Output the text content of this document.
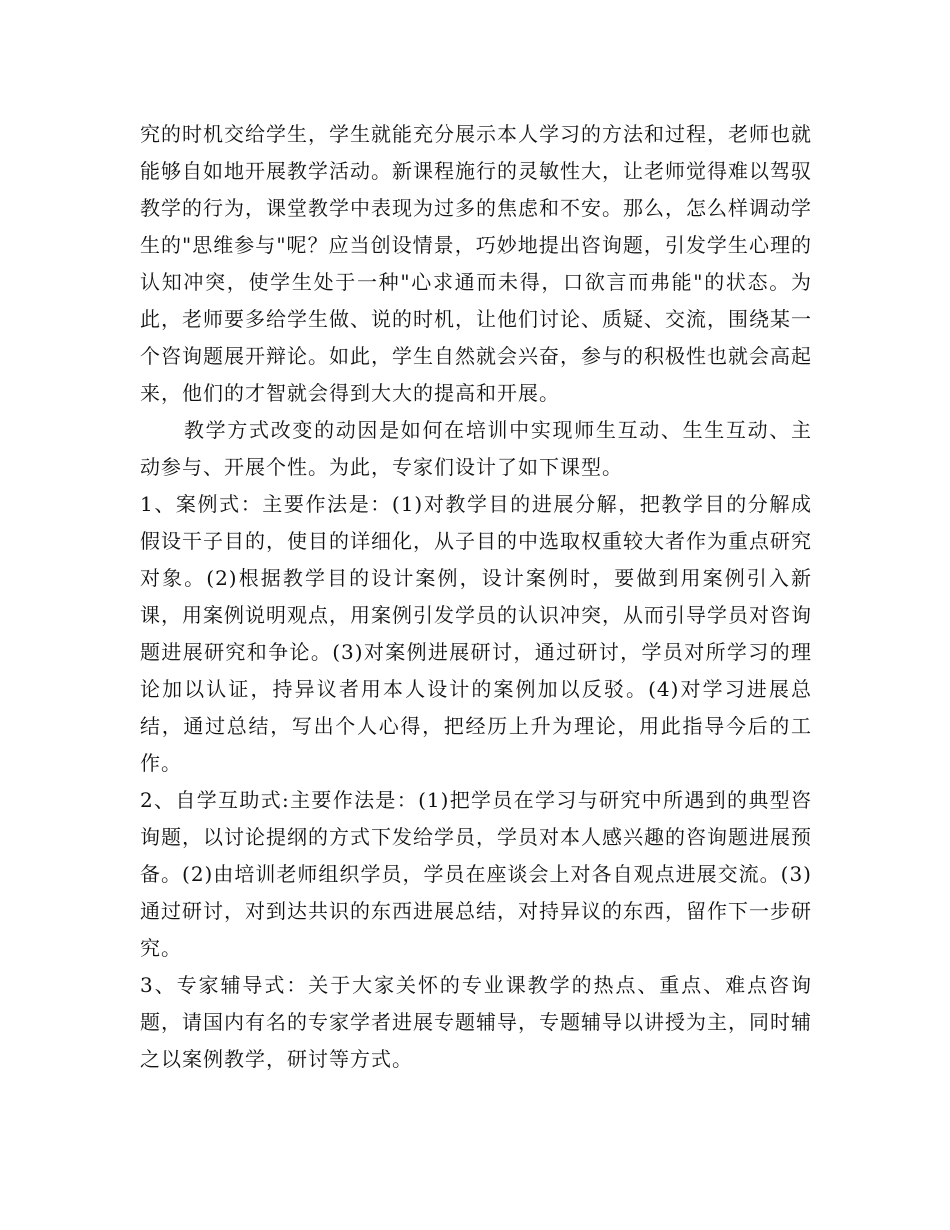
究的时机交给学生，学生就能充分展示本人学习的方法和过程，老师也就能够自如地开展教学活动。新课程施行的灵敏性大，让老师觉得难以驾驭教学的行为，课堂教学中表现为过多的焦虑和不安。那么，怎么样调动学生的"思维参与"呢？应当创设情景，巧妙地提出咨询题，引发学生心理的认知冲突，使学生处于一种"心求通而未得，口欲言而弗能"的状态。为此，老师要多给学生做、说的时机，让他们讨论、质疑、交流，围绕某一个咨询题展开辩论。如此，学生自然就会兴奋，参与的积极性也就会高起来，他们的才智就会得到大大的提高和开展。

教学方式改变的动因是如何在培训中实现师生互动、生生互动、主动参与、开展个性。为此，专家们设计了如下课型。

1、案例式：主要作法是：(1)对教学目的进展分解，把教学目的分解成假设干子目的，使目的详细化，从子目的中选取权重较大者作为重点研究对象。(2)根据教学目的设计案例，设计案例时，要做到用案例引入新课，用案例说明观点，用案例引发学员的认识冲突，从而引导学员对咨询题进展研究和争论。(3)对案例进展研讨，通过研讨，学员对所学习的理论加以认证，持异议者用本人设计的案例加以反驳。(4)对学习进展总结，通过总结，写出个人心得，把经历上升为理论，用此指导今后的工作。

2、自学互助式:主要作法是：(1)把学员在学习与研究中所遇到的典型咨询题，以讨论提纲的方式下发给学员，学员对本人感兴趣的咨询题进展预备。(2)由培训老师组织学员，学员在座谈会上对各自观点进展交流。(3)通过研讨，对到达共识的东西进展总结，对持异议的东西，留作下一步研究。

3、专家辅导式：关于大家关怀的专业课教学的热点、重点、难点咨询题，请国内有名的专家学者进展专题辅导，专题辅导以讲授为主，同时辅之以案例教学，研讨等方式。
